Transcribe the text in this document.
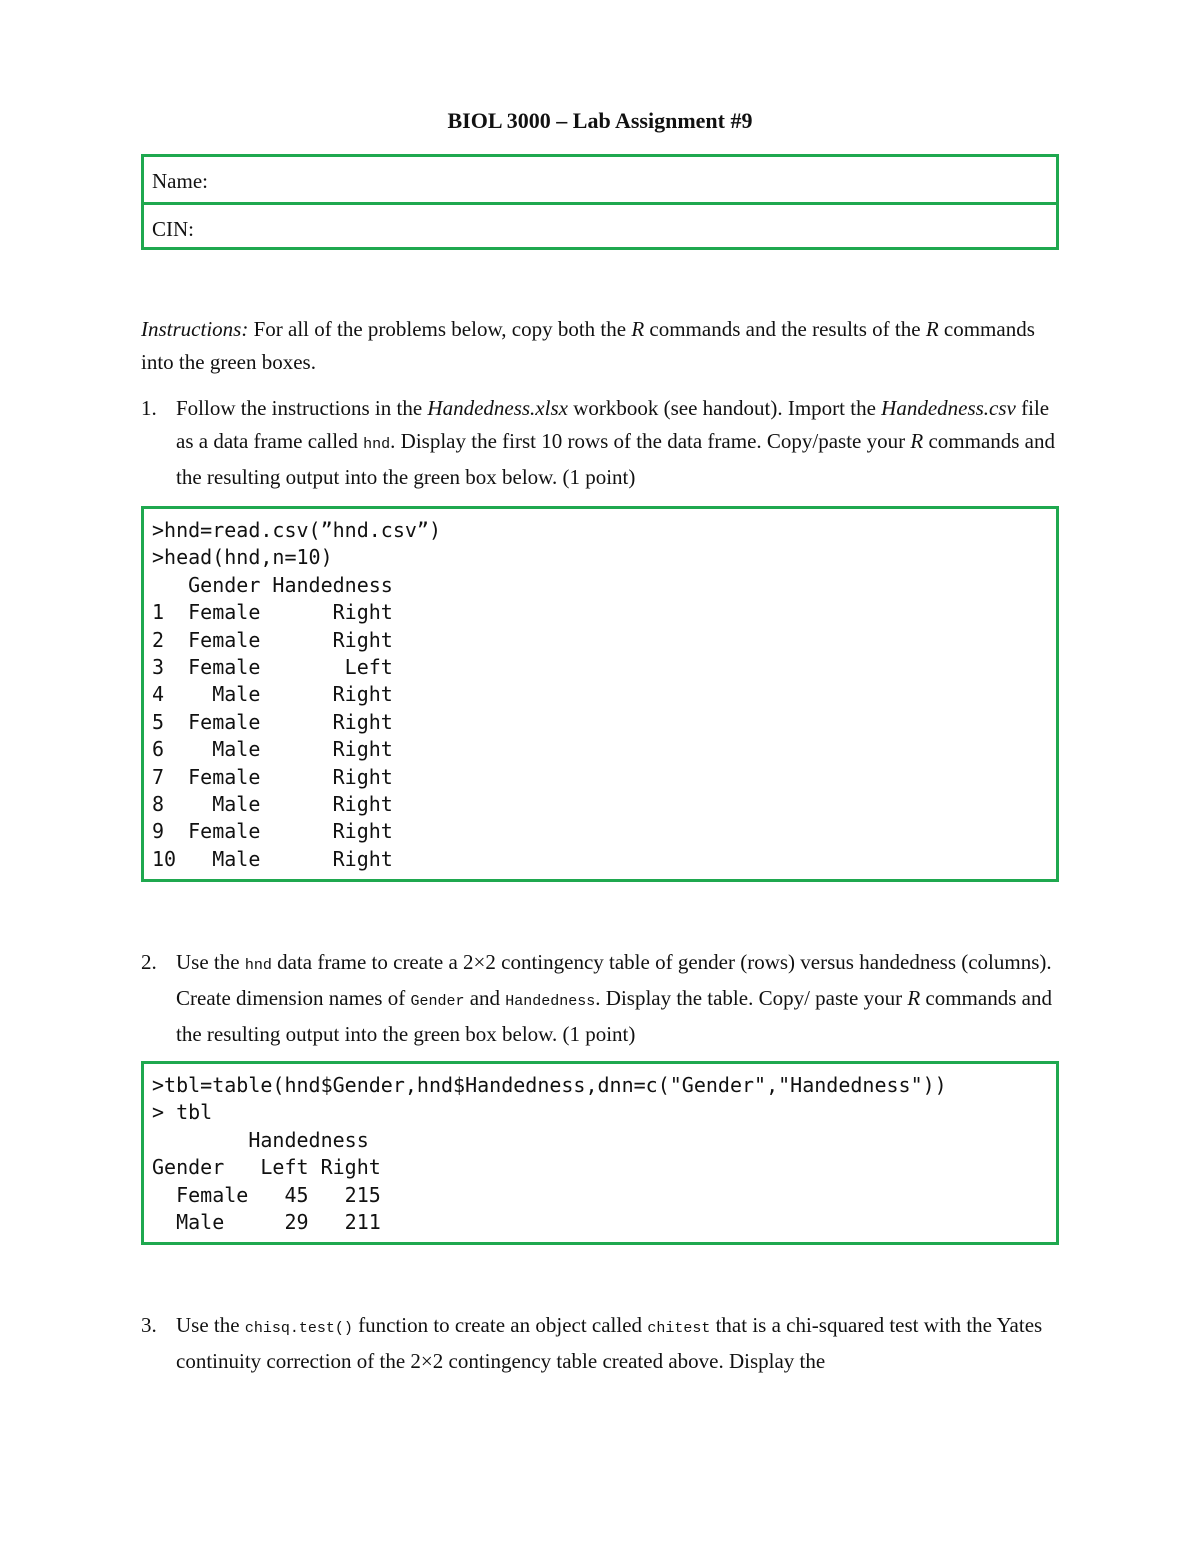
BIOL 3000 – Lab Assignment #9
Name:
CIN:
Instructions: For all of the problems below, copy both the R commands and the results of the R commands into the green boxes.
1. Follow the instructions in the Handedness.xlsx workbook (see handout). Import the Handedness.csv file as a data frame called hnd. Display the first 10 rows of the data frame. Copy/paste your R commands and the resulting output into the green box below. (1 point)
>hnd=read.csv(”hnd.csv”)
>head(hnd,n=10)
Gender Handedness
1  Female      Right
2  Female      Right
3  Female       Left
4    Male      Right
5  Female      Right
6    Male      Right
7  Female      Right
8    Male      Right
9  Female      Right
10   Male      Right
2. Use the hnd data frame to create a 2×2 contingency table of gender (rows) versus handedness (columns). Create dimension names of Gender and Handedness. Display the table. Copy/ paste your R commands and the resulting output into the green box below. (1 point)
>tbl=table(hnd$Gender,hnd$Handedness,dnn=c("Gender","Handedness"))
> tbl
Handedness
Gender   Left Right
Female   45   215
Male     29   211
3. Use the chisq.test() function to create an object called chitest that is a chi-squared test with the Yates continuity correction of the 2×2 contingency table created above. Display the
